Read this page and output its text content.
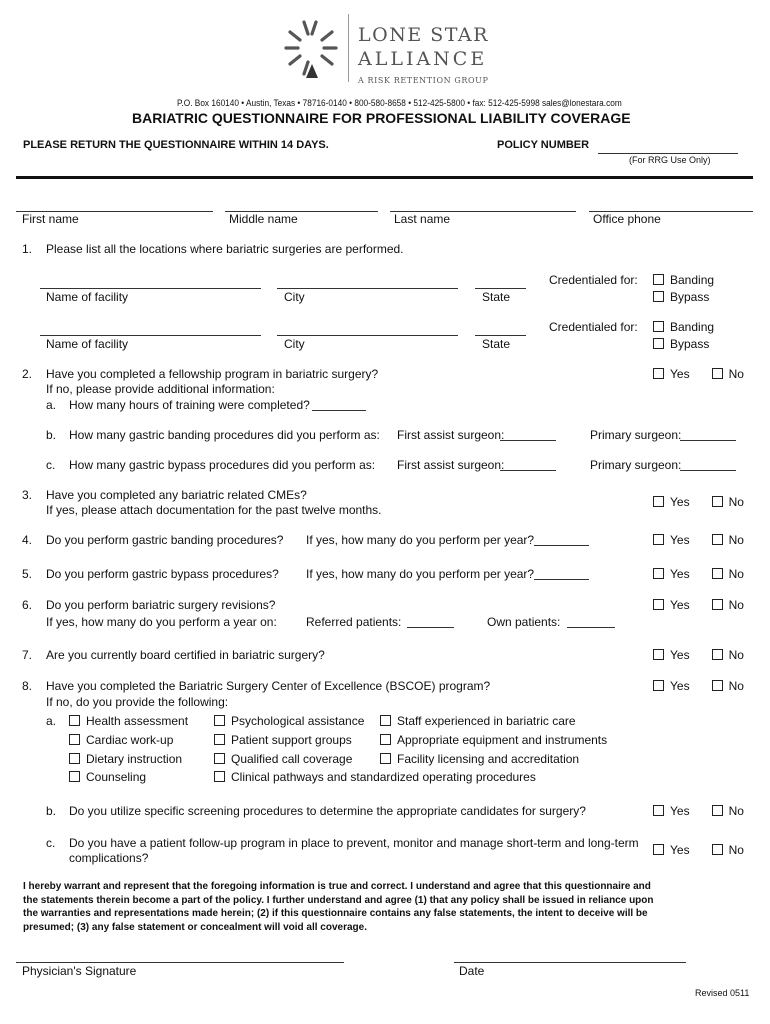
LONE STAR
ALLIANCE
A RISK RETENTION GROUP
P.O. Box 160140 • Austin, Texas • 78716-0140 • 800-580-8658 • 512-425-5800 • fax: 512-425-5998 sales@lonestara.com
BARIATRIC QUESTIONNAIRE FOR PROFESSIONAL LIABILITY COVERAGE
PLEASE RETURN THE QUESTIONNAIRE WITHIN 14 DAYS.	POLICY NUMBER
(For RRG Use Only)
First name	Middle name	Last name	Office phone
1. Please list all the locations where bariatric surgeries are performed.
Name of facility	City	State
Credentialed for:	Banding
Bypass
Name of facility	City	State
Credentialed for:	Banding
Bypass
2. Have you completed a fellowship program in bariatric surgery?
If no, please provide additional information:
a. How many hours of training were completed?
Yes	No
b. How many gastric banding procedures did you perform as: First assist surgeon:	Primary surgeon:
c. How many gastric bypass procedures did you perform as: First assist surgeon:	Primary surgeon:
3. Have you completed any bariatric related CMEs?
If yes, please attach documentation for the past twelve months.
Yes	No
4. Do you perform gastric banding procedures? If yes, how many do you perform per year?	Yes	No
5. Do you perform gastric bypass procedures? If yes, how many do you perform per year?	Yes	No
6. Do you perform bariatric surgery revisions?
If yes, how many do you perform a year on: Referred patients:	Own patients:
Yes	No
7. Are you currently board certified in bariatric surgery?	Yes	No
8. Have you completed the Bariatric Surgery Center of Excellence (BSCOE) program?
If no, do you provide the following:
Yes	No
a.	Health assessment
Cardiac work-up
Dietary instruction
Counseling
Psychological assistance
Patient support groups
Qualified call coverage
Clinical pathways and standardized operating procedures
Staff experienced in bariatric care
Appropriate equipment and instruments
Facility licensing and accreditation
b. Do you utilize specific screening procedures to determine the appropriate candidates for surgery?	Yes	No
c. Do you have a patient follow-up program in place to prevent, monitor and manage short-term and long-term
complications?
Yes	No
I hereby warrant and represent that the foregoing information is true and correct. I understand and agree that this questionnaire and
the statements therein become a part of the policy. I further understand and agree (1) that any policy shall be issued in reliance upon
the warranties and representations made herein; (2) if this questionnaire contains any false statements, the intent to deceive will be
presumed; (3) any false statement or concealment will void all coverage.
Physician's Signature	Date
Revised 0511
